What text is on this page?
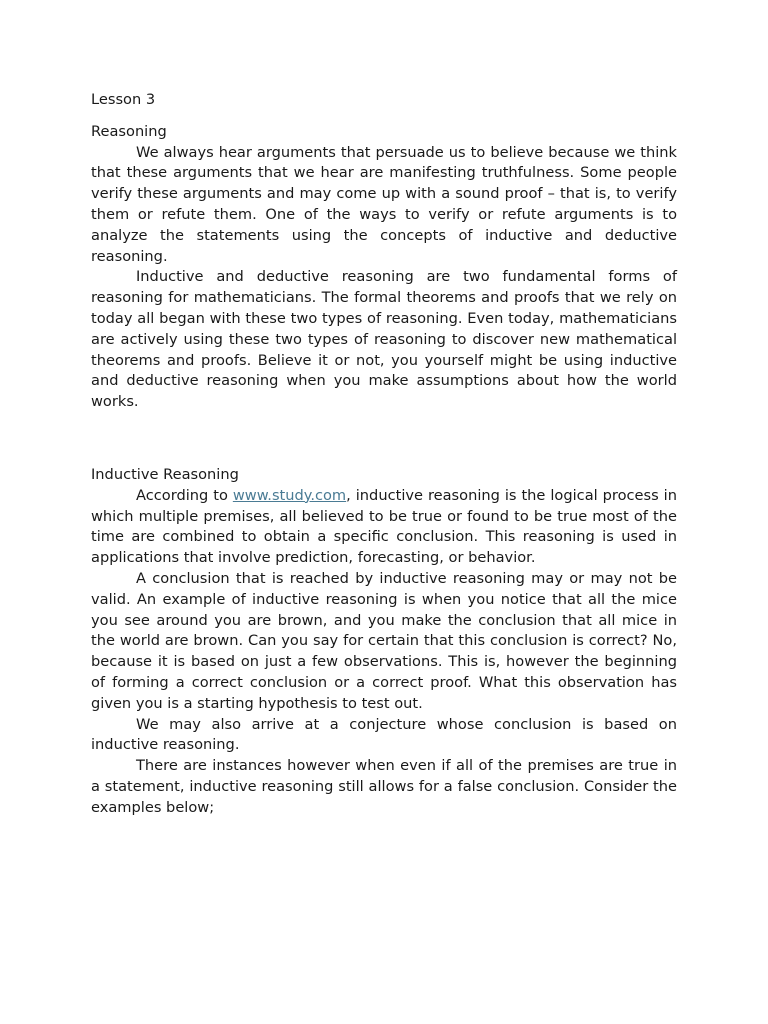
Lesson 3
Reasoning

We always hear arguments that persuade us to believe because we think that these arguments that we hear are manifesting truthfulness. Some people verify these arguments and may come up with a sound proof – that is, to verify them or refute them. One of the ways to verify or refute arguments is to analyze the statements using the concepts of inductive and deductive reasoning.

Inductive and deductive reasoning are two fundamental forms of reasoning for mathematicians. The formal theorems and proofs that we rely on today all began with these two types of reasoning. Even today, mathematicians are actively using these two types of reasoning to discover new mathematical theorems and proofs. Believe it or not, you yourself might be using inductive and deductive reasoning when you make assumptions about how the world works.

Inductive Reasoning

According to www.study.com, inductive reasoning is the logical process in which multiple premises, all believed to be true or found to be true most of the time are combined to obtain a specific conclusion. This reasoning is used in applications that involve prediction, forecasting, or behavior.

A conclusion that is reached by inductive reasoning may or may not be valid. An example of inductive reasoning is when you notice that all the mice you see around you are brown, and you make the conclusion that all mice in the world are brown. Can you say for certain that this conclusion is correct? No, because it is based on just a few observations. This is, however the beginning of forming a correct conclusion or a correct proof. What this observation has given you is a starting hypothesis to test out.

We may also arrive at a conjecture whose conclusion is based on inductive reasoning.

There are instances however when even if all of the premises are true in a statement, inductive reasoning still allows for a false conclusion. Consider the examples below;
